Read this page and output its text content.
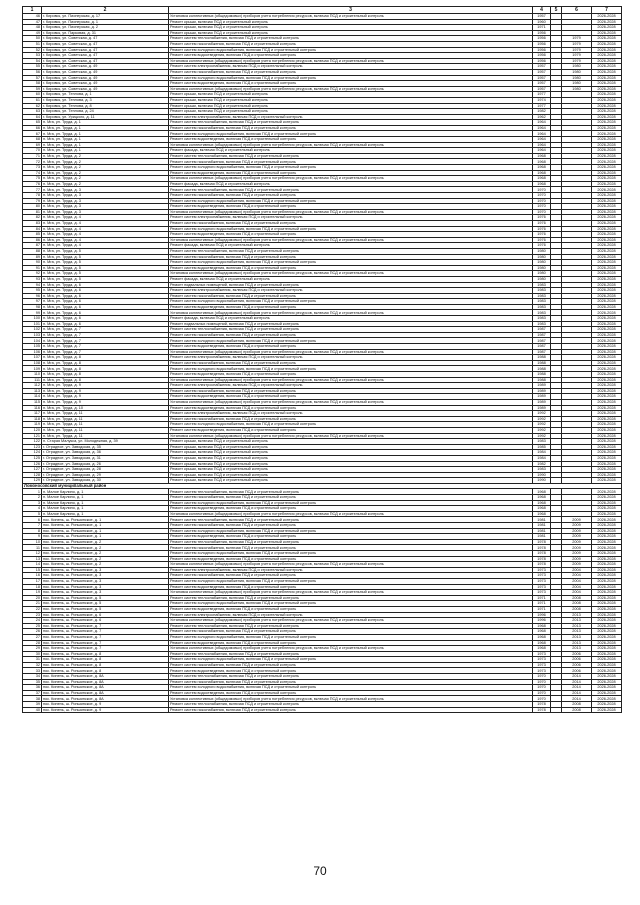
1	2	3	4	5	6	7
46	г. Кировск, ул. Пионерская, д. 17	Установка коллективных (общедомовых) приборов учета потребления ресурсов, включая ПСД и строительный контроль	1957			2026-2028
47	г. Кировск, ул. Пионерская, д. 1	Ремонт крыши, включая ПСД и строительный контроль	1960			2026-2028
48	г. Кировск, ул. Пионерская, д. 2	Ремонт крыши, включая ПСД и строительный контроль	1971			2026-2028
49	г. Кировск, ул. Парковая, д. 31	Ремонт крыши, включая ПСД и строительный контроль	1956			2026-2028
50	г. Кировск, ул. Советская, д. 47	Ремонт систем теплоснабжения, включая ПСД и строительный контроль	1956		1979	2026-2028
51	г. Кировск, ул. Советская, д. 47	Ремонт систем газоснабжения, включая ПСД и строительный контроль	1956		1979	2026-2028
52	г. Кировск, ул. Советская, д. 47	Ремонт систем холодного водоснабжения, включая ПСД и строительный контроль	1956		1979	2026-2028
53	г. Кировск, ул. Советская, д. 47	Ремонт систем водоотведения, включая ПСД и строительный контроль	1956		1979	2026-2028
54	г. Кировск, ул. Советская, д. 47	Установка коллективных (общедомовых) приборов учета потребления ресурсов, включая ПСД и строительный контроль	1956		1979	2026-2028
55	г. Кировск, ул. Советская, д. 49	Ремонт систем электроснабжения, включая ПСД и строительный контроль	1957		1980	2026-2028
56	г. Кировск, ул. Советская, д. 49	Ремонт систем газоснабжения, включая ПСД и строительный контроль	1957		1980	2026-2028
57	г. Кировск, ул. Советская, д. 49	Ремонт систем холодного водоснабжения, включая ПСД и строительный контроль	1957		1980	2026-2028
58	г. Кировск, ул. Советская, д. 49	Ремонт систем водоотведения, включая ПСД и строительный контроль	1957		1980	2026-2028
59	г. Кировск, ул. Советская, д. 49	Установка коллективных (общедомовых) приборов учета потребления ресурсов, включая ПСД и строительный контроль	1957		1980	2026-2028
60	г. Кировск, ул. Теплова, д. 1	Ремонт крыши, включая ПСД и строительный контроль	1977			2026-2028
61	г. Кировск, ул. Теплова, д. 3	Ремонт крыши, включая ПСД и строительный контроль	1974			2026-2028
62	г. Кировск, ул. Теплова, д. 8	Ремонт крыши, включая ПСД и строительный контроль	1977			2026-2028
63	г. Кировск, ул. Теплова, д. 24	Ремонт крыши, включая ПСД и строительный контроль	1982			2026-2028
64	г. Кировск, ул. Урицкого, д. 11	Ремонт систем электроснабжения, включая ПСД и строительный контроль	1962			2026-2028
65	п. Мга, ул. Труда, д. 1	Ремонт систем теплоснабжения, включая ПСД и строительный контроль	1964			2026-2028
66	п. Мга, ул. Труда, д. 1	Ремонт систем газоснабжения, включая ПСД и строительный контроль	1964			2026-2028
67	п. Мга, ул. Труда, д. 1	Ремонт систем холодного водоснабжения, включая ПСД и строительный контроль	1964			2026-2028
68	п. Мга, ул. Труда, д. 1	Ремонт систем водоотведения, включая ПСД и строительный контроль	1964			2026-2028
69	п. Мга, ул. Труда, д. 1	Установка коллективных (общедомовых) приборов учета потребления ресурсов, включая ПСД и строительный контроль	1964			2026-2028
70	п. Мга, ул. Труда, д. 1	Ремонт фасада, включая ПСД и строительный контроль	1964			2026-2028
71	п. Мга, ул. Труда, д. 2	Ремонт систем теплоснабжения, включая ПСД и строительный контроль	1968			2026-2028
72	п. Мга, ул. Труда, д. 2	Ремонт систем газоснабжения, включая ПСД и строительный контроль	1968			2026-2028
73	п. Мга, ул. Труда, д. 2	Ремонт систем холодного водоснабжения, включая ПСД и строительный контроль	1968			2026-2028
74	п. Мга, ул. Труда, д. 2	Ремонт систем водоотведения, включая ПСД и строительный контроль	1968			2026-2028
75	п. Мга, ул. Труда, д. 2	Установка коллективных (общедомовых) приборов учета потребления ресурсов, включая ПСД и строительный контроль	1968			2026-2028
76	п. Мга, ул. Труда, д. 2	Ремонт фасада, включая ПСД и строительный контроль	1968			2026-2028
77	п. Мга, ул. Труда, д. 3	Ремонт систем теплоснабжения, включая ПСД и строительный контроль	1970			2026-2028
78	п. Мга, ул. Труда, д. 3	Ремонт систем газоснабжения, включая ПСД и строительный контроль	1970			2026-2028
79	п. Мга, ул. Труда, д. 3	Ремонт систем холодного водоснабжения, включая ПСД и строительный контроль	1970			2026-2028
80	п. Мга, ул. Труда, д. 3	Ремонт систем водоотведения, включая ПСД и строительный контроль	1970			2026-2028
81	п. Мга, ул. Труда, д. 3	Установка коллективных (общедомовых) приборов учета потребления ресурсов, включая ПСД и строительный контроль	1970			2026-2028
82	п. Мга, ул. Труда, д. 4	Ремонт систем электроснабжения, включая ПСД и строительный контроль	1976			2026-2028
83	п. Мга, ул. Труда, д. 4	Ремонт систем газоснабжения, включая ПСД и строительный контроль	1976			2026-2028
84	п. Мга, ул. Труда, д. 4	Ремонт систем холодного водоснабжения, включая ПСД и строительный контроль	1976			2026-2028
85	п. Мга, ул. Труда, д. 4	Ремонт систем водоотведения, включая ПСД и строительный контроль	1976			2026-2028
86	п. Мга, ул. Труда, д. 4	Установка коллективных (общедомовых) приборов учета потребления ресурсов, включая ПСД и строительный контроль	1976			2026-2028
87	п. Мга, ул. Труда, д. 4	Ремонт фасада, включая ПСД и строительный контроль	1976			2026-2028
88	п. Мга, ул. Труда, д. 5	Ремонт систем теплоснабжения, включая ПСД и строительный контроль	1980			2026-2028
89	п. Мга, ул. Труда, д. 5	Ремонт систем газоснабжения, включая ПСД и строительный контроль	1980			2026-2028
90	п. Мга, ул. Труда, д. 5	Ремонт систем холодного водоснабжения, включая ПСД и строительный контроль	1980			2026-2028
91	п. Мга, ул. Труда, д. 5	Ремонт систем водоотведения, включая ПСД и строительный контроль	1980			2026-2028
92	п. Мга, ул. Труда, д. 5	Установка коллективных (общедомовых) приборов учета потребления ресурсов, включая ПСД и строительный контроль	1980			2026-2028
93	п. Мга, ул. Труда, д. 5	Ремонт фасада, включая ПСД и строительный контроль	1980			2026-2028
94	п. Мга, ул. Труда, д. 6	Ремонт подвальных помещений, включая ПСД и строительный контроль	1983			2026-2028
95	п. Мга, ул. Труда, д. 6	Ремонт систем электроснабжения, включая ПСД и строительный контроль	1983			2026-2028
96	п. Мга, ул. Труда, д. 6	Ремонт систем газоснабжения, включая ПСД и строительный контроль	1983			2026-2028
97	п. Мга, ул. Труда, д. 6	Ремонт систем холодного водоснабжения, включая ПСД и строительный контроль	1983			2026-2028
98	п. Мга, ул. Труда, д. 6	Ремонт систем водоотведения, включая ПСД и строительный контроль	1983			2026-2028
99	п. Мга, ул. Труда, д. 6	Установка коллективных (общедомовых) приборов учета потребления ресурсов, включая ПСД и строительный контроль	1983			2026-2028
100	п. Мга, ул. Труда, д. 6	Ремонт фасада, включая ПСД и строительный контроль	1983			2026-2028
101	п. Мга, ул. Труда, д. 6	Ремонт подвальных помещений, включая ПСД и строительный контроль	1983			2026-2028
102	п. Мга, ул. Труда, д. 7	Ремонт систем теплоснабжения, включая ПСД и строительный контроль	1987			2026-2028
103	п. Мга, ул. Труда, д. 7	Ремонт систем газоснабжения, включая ПСД и строительный контроль	1987			2026-2028
104	п. Мга, ул. Труда, д. 7	Ремонт систем холодного водоснабжения, включая ПСД и строительный контроль	1987			2026-2028
105	п. Мга, ул. Труда, д. 7	Ремонт систем водоотведения, включая ПСД и строительный контроль	1987			2026-2028
106	п. Мга, ул. Труда, д. 7	Установка коллективных (общедомовых) приборов учета потребления ресурсов, включая ПСД и строительный контроль	1987			2026-2028
107	п. Мга, ул. Труда, д. 8	Ремонт систем электроснабжения, включая ПСД и строительный контроль	1988			2026-2028
108	п. Мга, ул. Труда, д. 8	Ремонт систем газоснабжения, включая ПСД и строительный контроль	1988			2026-2028
109	п. Мга, ул. Труда, д. 8	Ремонт систем холодного водоснабжения, включая ПСД и строительный контроль	1988			2026-2028
110	п. Мга, ул. Труда, д. 8	Ремонт систем водоотведения, включая ПСД и строительный контроль	1988			2026-2028
111	п. Мга, ул. Труда, д. 8	Установка коллективных (общедомовых) приборов учета потребления ресурсов, включая ПСД и строительный контроль	1988			2026-2028
112	п. Мга, ул. Труда, д. 9	Ремонт систем электроснабжения, включая ПСД и строительный контроль	1989			2026-2028
113	п. Мга, ул. Труда, д. 9	Ремонт систем газоснабжения, включая ПСД и строительный контроль	1989			2026-2028
114	п. Мга, ул. Труда, д. 9	Ремонт систем водоотведения, включая ПСД и строительный контроль	1989			2026-2028
115	п. Мга, ул. Труда, д. 9	Установка коллективных (общедомовых) приборов учета потребления ресурсов, включая ПСД и строительный контроль	1989			2026-2028
116	п. Мга, ул. Труда, д. 10	Ремонт систем водоотведения, включая ПСД и строительный контроль	1989			2026-2028
117	п. Мга, ул. Труда, д. 11	Ремонт систем электроснабжения, включая ПСД и строительный контроль	1992			2026-2028
118	п. Мга, ул. Труда, д. 11	Ремонт систем газоснабжения, включая ПСД и строительный контроль	1992			2026-2028
119	п. Мга, ул. Труда, д. 11	Ремонт систем холодного водоснабжения, включая ПСД и строительный контроль	1992			2026-2028
120	п. Мга, ул. Труда, д. 11	Ремонт систем водоотведения, включая ПСД и строительный контроль	1992			2026-2028
121	п. Мга, ул. Труда, д. 11	Установка коллективных (общедомовых) приборов учета потребления ресурсов, включая ПСД и строительный контроль	1992			2026-2028
122	п. Старая Малукса, ул. Молодежная, д. 39	Ремонт крыши, включая ПСД и строительный контроль	1983			2026-2028
123	г. Отрадное, ул. Заводская, д. 35	Ремонт крыши, включая ПСД и строительный контроль	1985			2026-2028
124	г. Отрадное, ул. Заводская, д. 36	Ремонт крыши, включая ПСД и строительный контроль	1984			2026-2028
125	г. Отрадное, ул. Заводская, д. 31	Ремонт крыши, включая ПСД и строительный контроль	1984			2026-2028
126	г. Отрадное, ул. Заводская, д. 26	Ремонт крыши, включая ПСД и строительный контроль	1982			2026-2028
127	г. Отрадное, ул. Заводская, д. 28	Ремонт крыши, включая ПСД и строительный контроль	1983			2026-2028
128	г. Отрадное, ул. Заводская, д. 29	Ремонт крыши, включая ПСД и строительный контроль	1990			2026-2028
129	г. Отрадное, ул. Заводская, д. 30	Ремонт крыши, включая ПСД и строительный контроль	1990			2026-2028
Ломоносовский муниципальный район						
1	п. Малое Карлино, д. 1	Ремонт систем теплоснабжения, включая ПСД и строительный контроль	1968			2026-2028
2	п. Малое Карлино, д. 1	Ремонт систем газоснабжения, включая ПСД и строительный контроль	1968			2026-2028
3	п. Малое Карлино, д. 1	Ремонт систем холодного водоснабжения, включая ПСД и строительный контроль	1968			2026-2028
4	п. Малое Карлино, д. 1	Ремонт систем водоотведения, включая ПСД и строительный контроль	1968			2026-2028
5	п. Малое Карлино, д. 1	Установка коллективных (общедомовых) приборов учета потребления ресурсов, включая ПСД и строительный контроль	1968			2026-2028
6	пос. Кипень, ш. Ропшинское, д. 1	Ремонт систем теплоснабжения, включая ПСД и строительный контроль	1981		2009	2026-2028
7	пос. Кипень, ш. Ропшинское, д. 1	Ремонт систем газоснабжения, включая ПСД и строительный контроль	1981		2009	2026-2028
8	пос. Кипень, ш. Ропшинское, д. 1	Ремонт систем холодного водоснабжения, включая ПСД и строительный контроль	1981		2009	2026-2028
9	пос. Кипень, ш. Ропшинское, д. 1	Ремонт систем водоотведения, включая ПСД и строительный контроль	1981		2009	2026-2028
10	пос. Кипень, ш. Ропшинское, д. 2	Ремонт систем теплоснабжения, включая ПСД и строительный контроль	1978		2009	2026-2028
11	пос. Кипень, ш. Ропшинское, д. 2	Ремонт систем газоснабжения, включая ПСД и строительный контроль	1978		2009	2026-2028
12	пос. Кипень, ш. Ропшинское, д. 2	Ремонт систем холодного водоснабжения, включая ПСД и строительный контроль	1978		2009	2026-2028
13	пос. Кипень, ш. Ропшинское, д. 2	Ремонт систем водоотведения, включая ПСД и строительный контроль	1978		2009	2026-2028
14	пос. Кипень, ш. Ропшинское, д. 2	Установка коллективных (общедомовых) приборов учета потребления ресурсов, включая ПСД и строительный контроль	1978		2009	2026-2028
15	пос. Кипень, ш. Ропшинское, д. 3	Ремонт систем электроснабжения, включая ПСД и строительный контроль	1973		2004	2026-2028
16	пос. Кипень, ш. Ропшинское, д. 3	Ремонт систем газоснабжения, включая ПСД и строительный контроль	1973		2004	2026-2028
17	пос. Кипень, ш. Ропшинское, д. 3	Ремонт систем холодного водоснабжения, включая ПСД и строительный контроль	1973		2004	2026-2028
18	пос. Кипень, ш. Ропшинское, д. 3	Ремонт систем водоотведения, включая ПСД и строительный контроль	1973		2004	2026-2028
19	пос. Кипень, ш. Ропшинское, д. 3	Установка коллективных (общедомовых) приборов учета потребления ресурсов, включая ПСД и строительный контроль	1973		2004	2026-2028
20	пос. Кипень, ш. Ропшинское, д. 5	Ремонт систем теплоснабжения, включая ПСД и строительный контроль	1971		2008	2026-2028
21	пос. Кипень, ш. Ропшинское, д. 5	Ремонт систем холодного водоснабжения, включая ПСД и строительный контроль	1971		2008	2026-2028
22	пос. Кипень, ш. Ропшинское, д. 5	Ремонт систем водоотведения, включая ПСД и строительный контроль	1971		2008	2026-2028
23	пос. Кипень, ш. Ропшинское, д. 6	Ремонт систем электроснабжения, включая ПСД и строительный контроль	1996		2013	2026-2028
24	пос. Кипень, ш. Ропшинское, д. 6	Установка коллективных (общедомовых) приборов учета потребления ресурсов, включая ПСД и строительный контроль	1996		2013	2026-2028
25	пос. Кипень, ш. Ропшинское, д. 7	Ремонт систем теплоснабжения, включая ПСД и строительный контроль	1968		2013	2026-2028
26	пос. Кипень, ш. Ропшинское, д. 7	Ремонт систем газоснабжения, включая ПСД и строительный контроль	1968		2013	2026-2028
27	пос. Кипень, ш. Ропшинское, д. 7	Ремонт систем холодного водоснабжения, включая ПСД и строительный контроль	1968		2013	2026-2028
28	пос. Кипень, ш. Ропшинское, д. 7	Ремонт систем водоотведения, включая ПСД и строительный контроль	1968		2013	2026-2028
29	пос. Кипень, ш. Ропшинское, д. 7	Установка коллективных (общедомовых) приборов учета потребления ресурсов, включая ПСД и строительный контроль	1968		2013	2026-2028
30	пос. Кипень, ш. Ропшинское, д. 8	Ремонт систем теплоснабжения, включая ПСД и строительный контроль	1973		2006	2026-2028
31	пос. Кипень, ш. Ропшинское, д. 8	Ремонт систем холодного водоснабжения, включая ПСД и строительный контроль	1973		2006	2026-2028
32	пос. Кипень, ш. Ропшинское, д. 8	Ремонт систем газоснабжения, включая ПСД и строительный контроль	1973		2006	2026-2028
33	пос. Кипень, ш. Ропшинское, д. 8	Ремонт систем водоотведения, включая ПСД и строительный контроль	1973		2006	2026-2028
34	пос. Кипень, ш. Ропшинское, д. 8А	Ремонт систем теплоснабжения, включая ПСД и строительный контроль	1970		2014	2026-2028
35	пос. Кипень, ш. Ропшинское, д. 8А	Ремонт систем газоснабжения, включая ПСД и строительный контроль	1970		2014	2026-2028
36	пос. Кипень, ш. Ропшинское, д. 8А	Ремонт систем холодного водоснабжения, включая ПСД и строительный контроль	1970		2014	2026-2028
37	пос. Кипень, ш. Ропшинское, д. 8А	Ремонт систем водоотведения, включая ПСД и строительный контроль	1970		2014	2026-2028
38	пос. Кипень, ш. Ропшинское, д. 8А	Установка коллективных (общедомовых) приборов учета потребления ресурсов, включая ПСД и строительный контроль	1970		2014	2026-2028
39	пос. Кипень, ш. Ропшинское, д. 9	Ремонт систем теплоснабжения, включая ПСД и строительный контроль	1978		2008	2026-2028
40	пос. Кипень, ш. Ропшинское, д. 9	Ремонт систем газоснабжения, включая ПСД и строительный контроль	1978		2008	2026-2028
70
